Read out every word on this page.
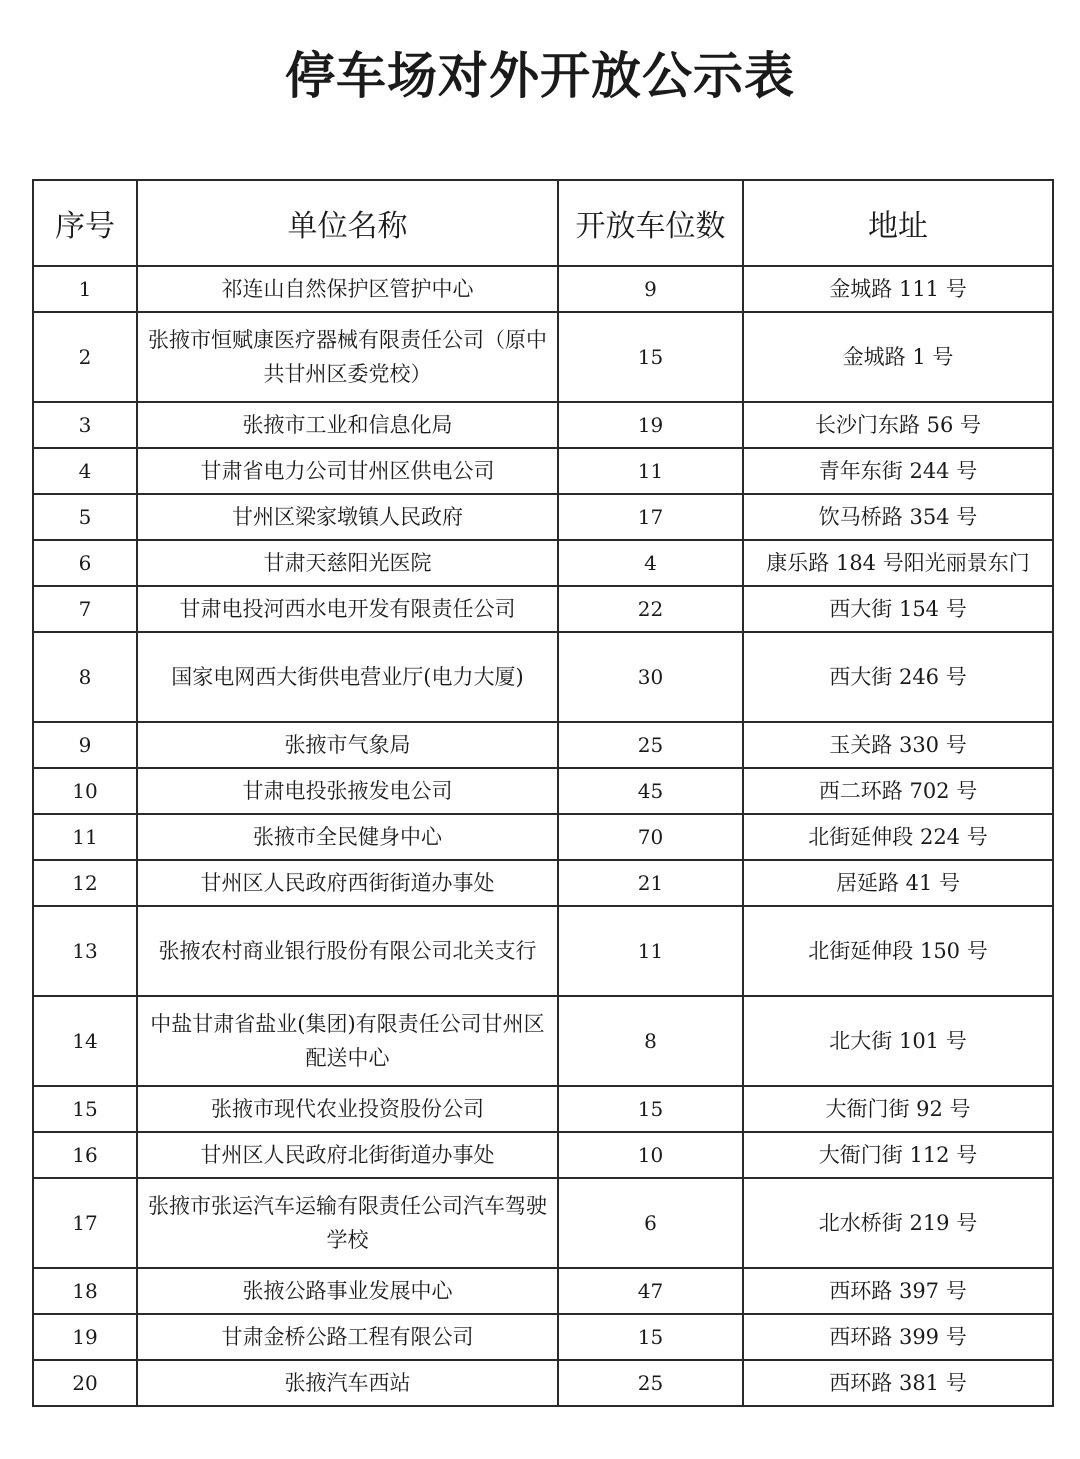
停车场对外开放公示表
序号	单位名称	开放车位数	地址
1	祁连山自然保护区管护中心	9	金城路 111 号
2	张掖市恒赋康医疗器械有限责任公司（原中共甘州区委党校）	15	金城路 1 号
3	张掖市工业和信息化局	19	长沙门东路 56 号
4	甘肃省电力公司甘州区供电公司	11	青年东街 244 号
5	甘州区梁家墩镇人民政府	17	饮马桥路 354 号
6	甘肃天慈阳光医院	4	康乐路 184 号阳光丽景东门
7	甘肃电投河西水电开发有限责任公司	22	西大街 154 号
8	国家电网西大街供电营业厅(电力大厦)	30	西大街 246 号
9	张掖市气象局	25	玉关路 330 号
10	甘肃电投张掖发电公司	45	西二环路 702 号
11	张掖市全民健身中心	70	北街延伸段 224 号
12	甘州区人民政府西街街道办事处	21	居延路 41 号
13	张掖农村商业银行股份有限公司北关支行	11	北街延伸段 150 号
14	中盐甘肃省盐业(集团)有限责任公司甘州区配送中心	8	北大街 101 号
15	张掖市现代农业投资股份公司	15	大衙门街 92 号
16	甘州区人民政府北街街道办事处	10	大衙门街 112 号
17	张掖市张运汽车运输有限责任公司汽车驾驶学校	6	北水桥街 219 号
18	张掖公路事业发展中心	47	西环路 397 号
19	甘肃金桥公路工程有限公司	15	西环路 399 号
20	张掖汽车西站	25	西环路 381 号
